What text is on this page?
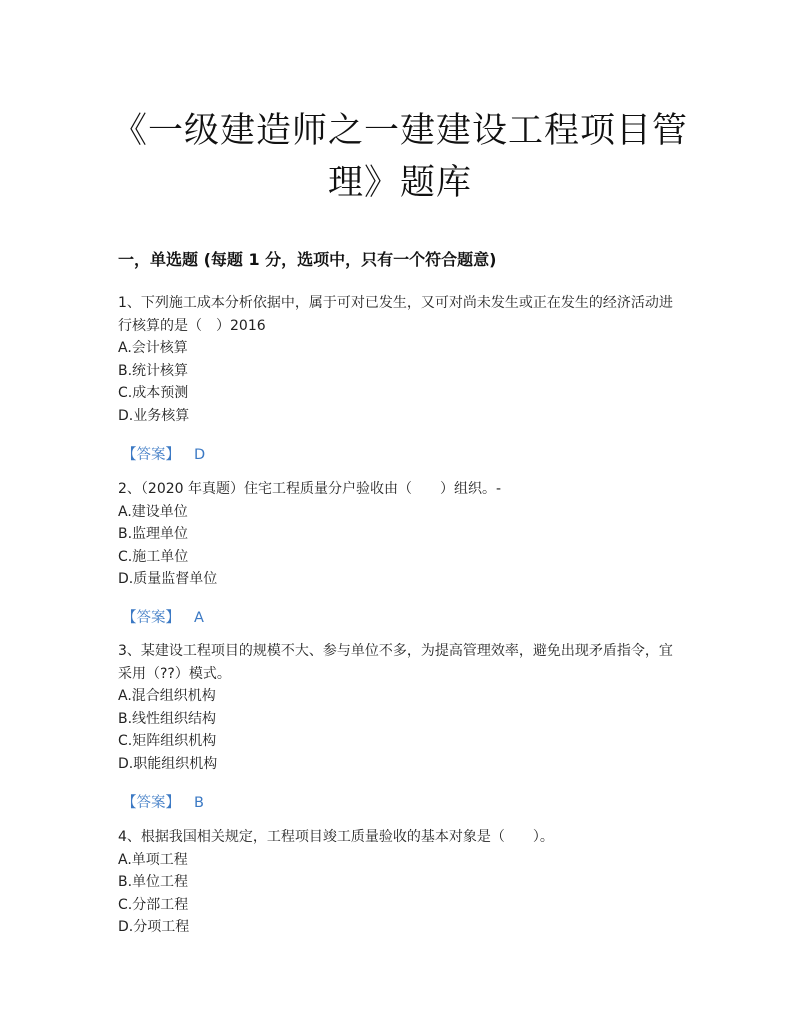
《一级建造师之一建建设工程项目管
理》题库
一，单选题 (每题 1 分，选项中，只有一个符合题意)
1、下列施工成本分析依据中，属于可对已发生，又可对尚未发生或正在发生的经济活动进行核算的是（　）2016
A.会计核算
B.统计核算
C.成本预测
D.业务核算
【答案】 D
2、（2020 年真题）住宅工程质量分户验收由（　　）组织。-
A.建设单位
B.监理单位
C.施工单位
D.质量监督单位
【答案】 A
3、某建设工程项目的规模不大、参与单位不多，为提高管理效率，避免出现矛盾指令，宜采用（??）模式。
A.混合组织机构
B.线性组织结构
C.矩阵组织机构
D.职能组织机构
【答案】 B
4、根据我国相关规定，工程项目竣工质量验收的基本对象是（　　）。
A.单项工程
B.单位工程
C.分部工程
D.分项工程
